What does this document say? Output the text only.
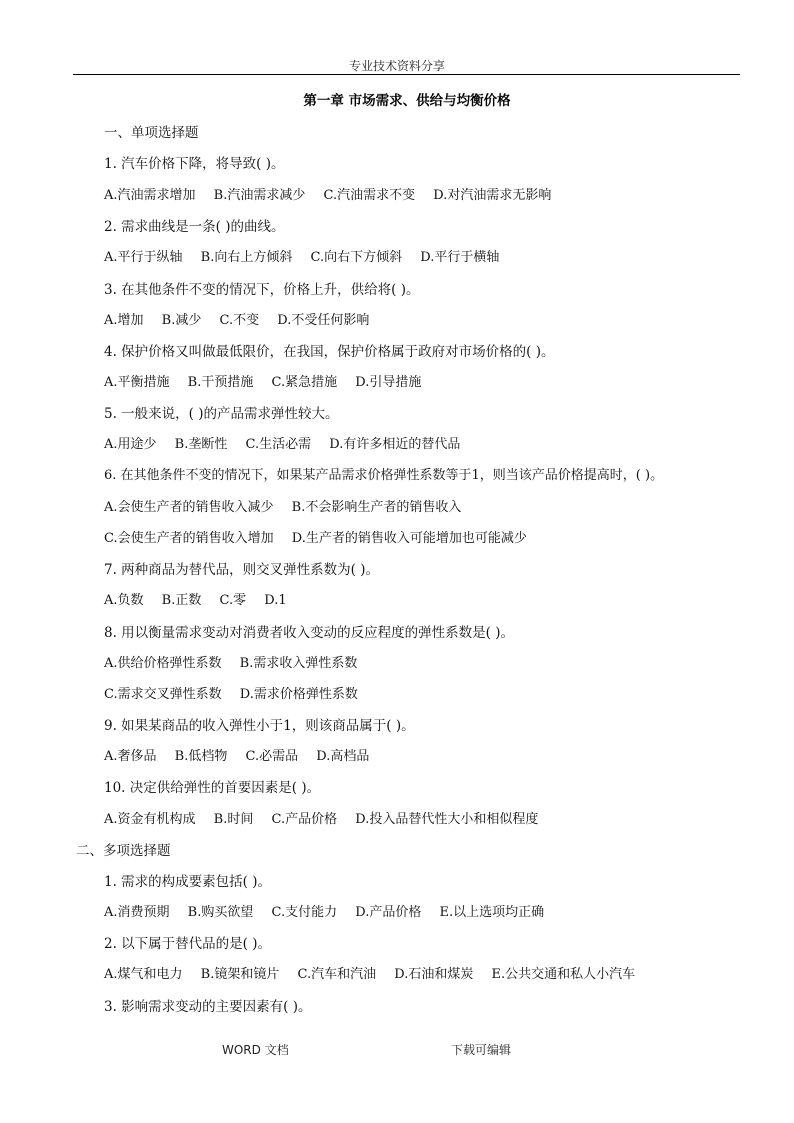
专业技术资料分享
第一章 市场需求、供给与均衡价格
一、单项选择题
1. 汽车价格下降，将导致( )。
A.汽油需求增加 B.汽油需求减少 C.汽油需求不变 D.对汽油需求无影响
2. 需求曲线是一条( )的曲线。
A.平行于纵轴 B.向右上方倾斜 C.向右下方倾斜 D.平行于横轴
3. 在其他条件不变的情况下，价格上升，供给将( )。
A.增加 B.减少 C.不变 D.不受任何影响
4. 保护价格又叫做最低限价，在我国，保护价格属于政府对市场价格的( )。
A.平衡措施 B.干预措施 C.紧急措施 D.引导措施
5. 一般来说，( )的产品需求弹性较大。
A.用途少 B.垄断性 C.生活必需 D.有许多相近的替代品
6. 在其他条件不变的情况下，如果某产品需求价格弹性系数等于1，则当该产品价格提高时，( )。
A.会使生产者的销售收入减少 B.不会影响生产者的销售收入
C.会使生产者的销售收入增加 D.生产者的销售收入可能增加也可能减少
7. 两种商品为替代品，则交叉弹性系数为( )。
A.负数 B.正数 C.零 D.1
8. 用以衡量需求变动对消费者收入变动的反应程度的弹性系数是( )。
A.供给价格弹性系数 B.需求收入弹性系数
C.需求交叉弹性系数 D.需求价格弹性系数
9. 如果某商品的收入弹性小于1，则该商品属于( )。
A.奢侈品 B.低档物 C.必需品 D.高档品
10. 决定供给弹性的首要因素是( )。
A.资金有机构成 B.时间 C.产品价格 D.投入品替代性大小和相似程度
二、多项选择题
1. 需求的构成要素包括( )。
A.消费预期 B.购买欲望 C.支付能力 D.产品价格 E.以上选项均正确
2. 以下属于替代品的是( )。
A.煤气和电力 B.镜架和镜片 C.汽车和汽油 D.石油和煤炭 E.公共交通和私人小汽车
3. 影响需求变动的主要因素有( )。
WORD 文档	下载可编辑
